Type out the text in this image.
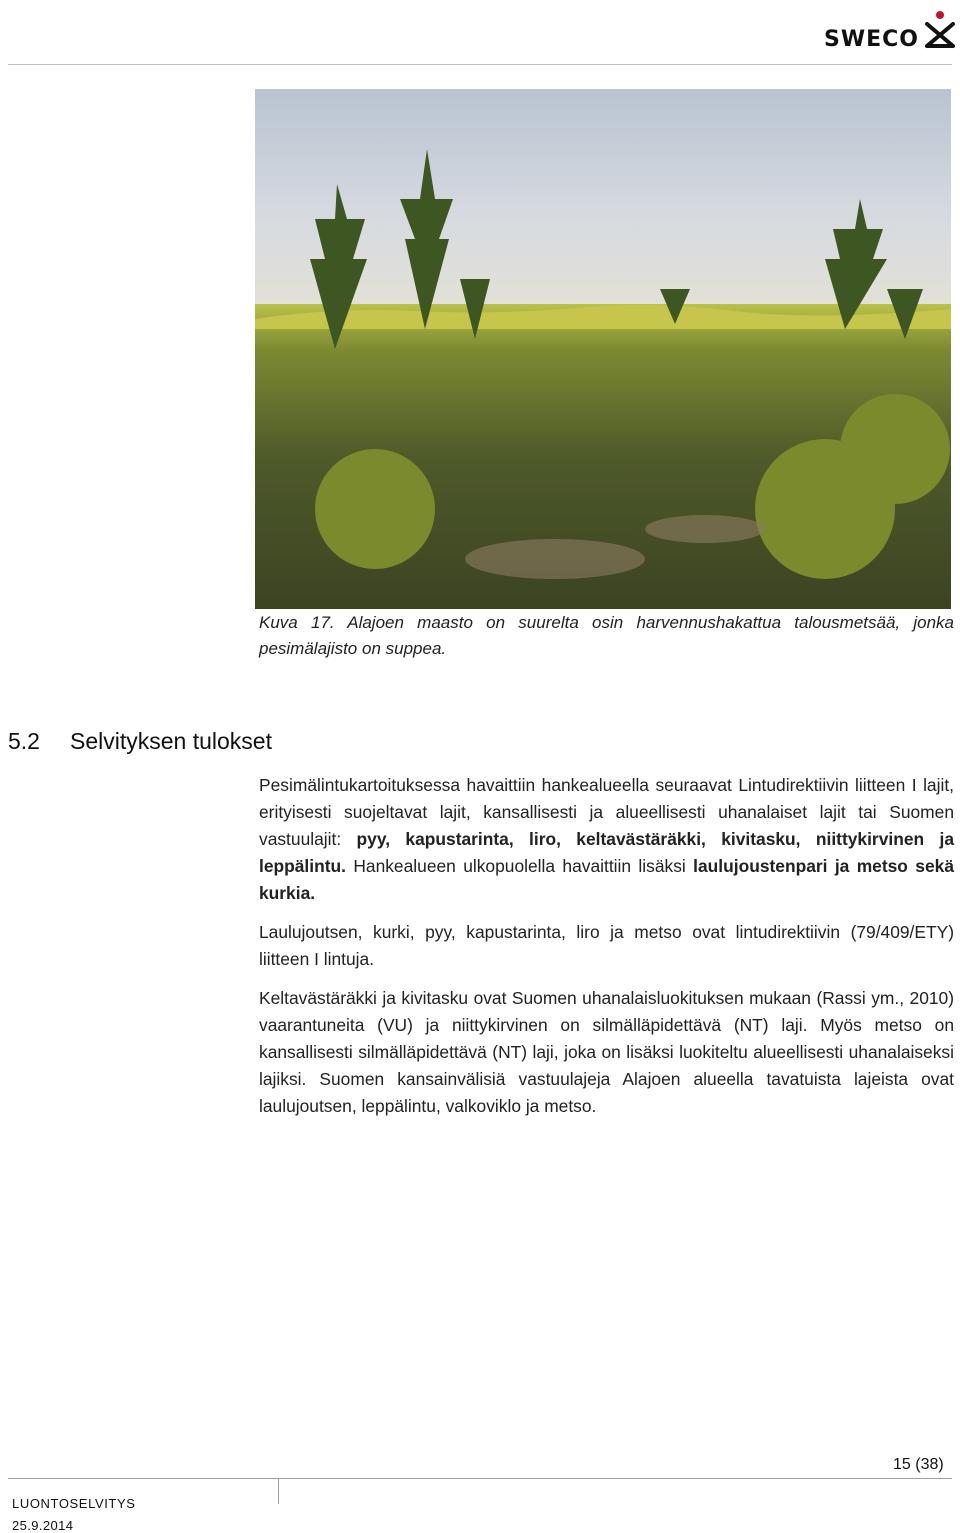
SWECO
Kuva 17. Alajoen maasto on suurelta osin harvennushakattua talousmetsää, jonka pesimälajisto on suppea.
5.2 Selvityksen tulokset

Pesimälintukartoituksessa havaittiin hankealueella seuraavat Lintudirektiivin liitteen I lajit, erityisesti suojeltavat lajit, kansallisesti ja alueellisesti uhanalaiset lajit tai Suomen vastuulajit: pyy, kapustarinta, liro, keltavästäräkki, kivitasku, niittykirvinen ja leppälintu. Hankealueen ulkopuolella havaittiin lisäksi laulujoustenpari ja metso sekä kurkia.

Laulujoutsen, kurki, pyy, kapustarinta, liro ja metso ovat lintudirektiivin (79/409/ETY) liitteen I lintuja.

Keltavästäräkki ja kivitasku ovat Suomen uhanalaisluokituksen mukaan (Rassi ym., 2010) vaarantuneita (VU) ja niittykirvinen on silmälläpidettävä (NT) laji. Myös metso on kansallisesti silmälläpidettävä (NT) laji, joka on lisäksi luokiteltu alueellisesti uhanalaiseksi lajiksi. Suomen kansainvälisiä vastuulajeja Alajoen alueella tavatuista lajeista ovat laulujoutsen, leppälintu, valkoviklo ja metso.

15 (38)
LUONTOSELVITYS
25.9.2014
